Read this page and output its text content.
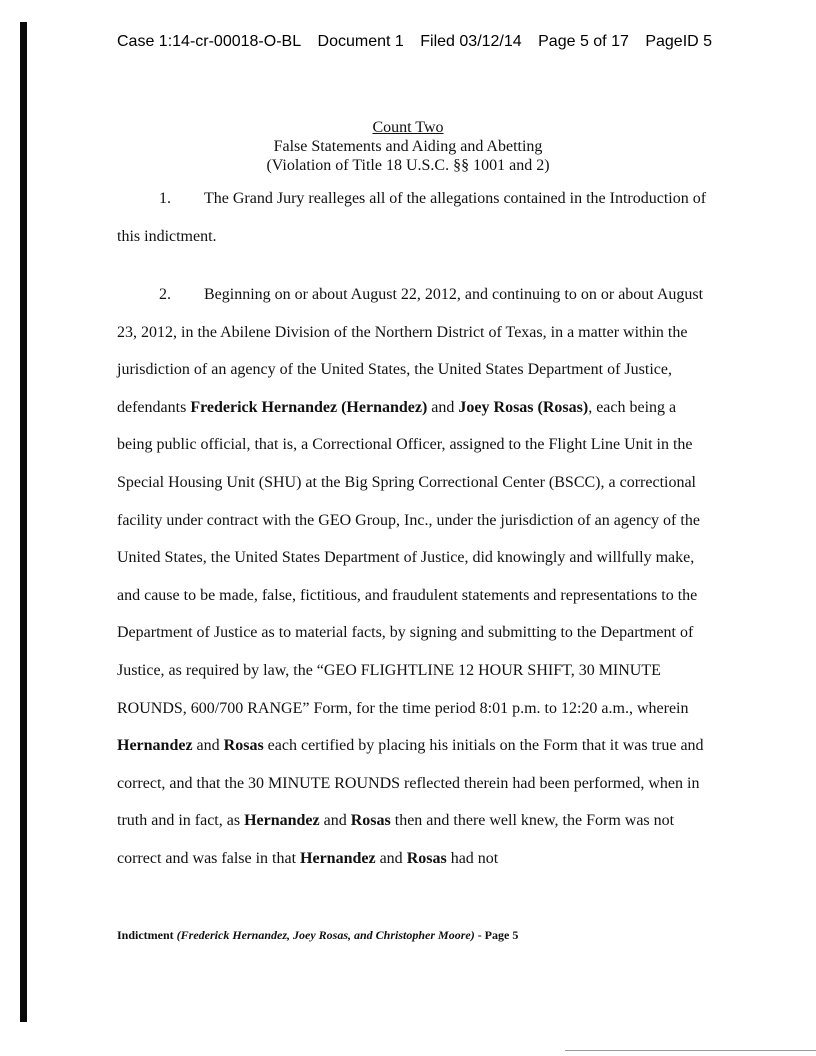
Case 1:14-cr-00018-O-BL Document 1 Filed 03/12/14 Page 5 of 17 PageID 5
Count Two
False Statements and Aiding and Abetting
(Violation of Title 18 U.S.C. §§ 1001 and 2)
1. The Grand Jury realleges all of the allegations contained in the Introduction of this indictment.
2. Beginning on or about August 22, 2012, and continuing to on or about August 23, 2012, in the Abilene Division of the Northern District of Texas, in a matter within the jurisdiction of an agency of the United States, the United States Department of Justice, defendants Frederick Hernandez (Hernandez) and Joey Rosas (Rosas), each being a being public official, that is, a Correctional Officer, assigned to the Flight Line Unit in the Special Housing Unit (SHU) at the Big Spring Correctional Center (BSCC), a correctional facility under contract with the GEO Group, Inc., under the jurisdiction of an agency of the United States, the United States Department of Justice, did knowingly and willfully make, and cause to be made, false, fictitious, and fraudulent statements and representations to the Department of Justice as to material facts, by signing and submitting to the Department of Justice, as required by law, the “GEO FLIGHTLINE 12 HOUR SHIFT, 30 MINUTE ROUNDS, 600/700 RANGE” Form, for the time period 8:01 p.m. to 12:20 a.m., wherein Hernandez and Rosas each certified by placing his initials on the Form that it was true and correct, and that the 30 MINUTE ROUNDS reflected therein had been performed, when in truth and in fact, as Hernandez and Rosas then and there well knew, the Form was not correct and was false in that Hernandez and Rosas had not
Indictment (Frederick Hernandez, Joey Rosas, and Christopher Moore) - Page 5
